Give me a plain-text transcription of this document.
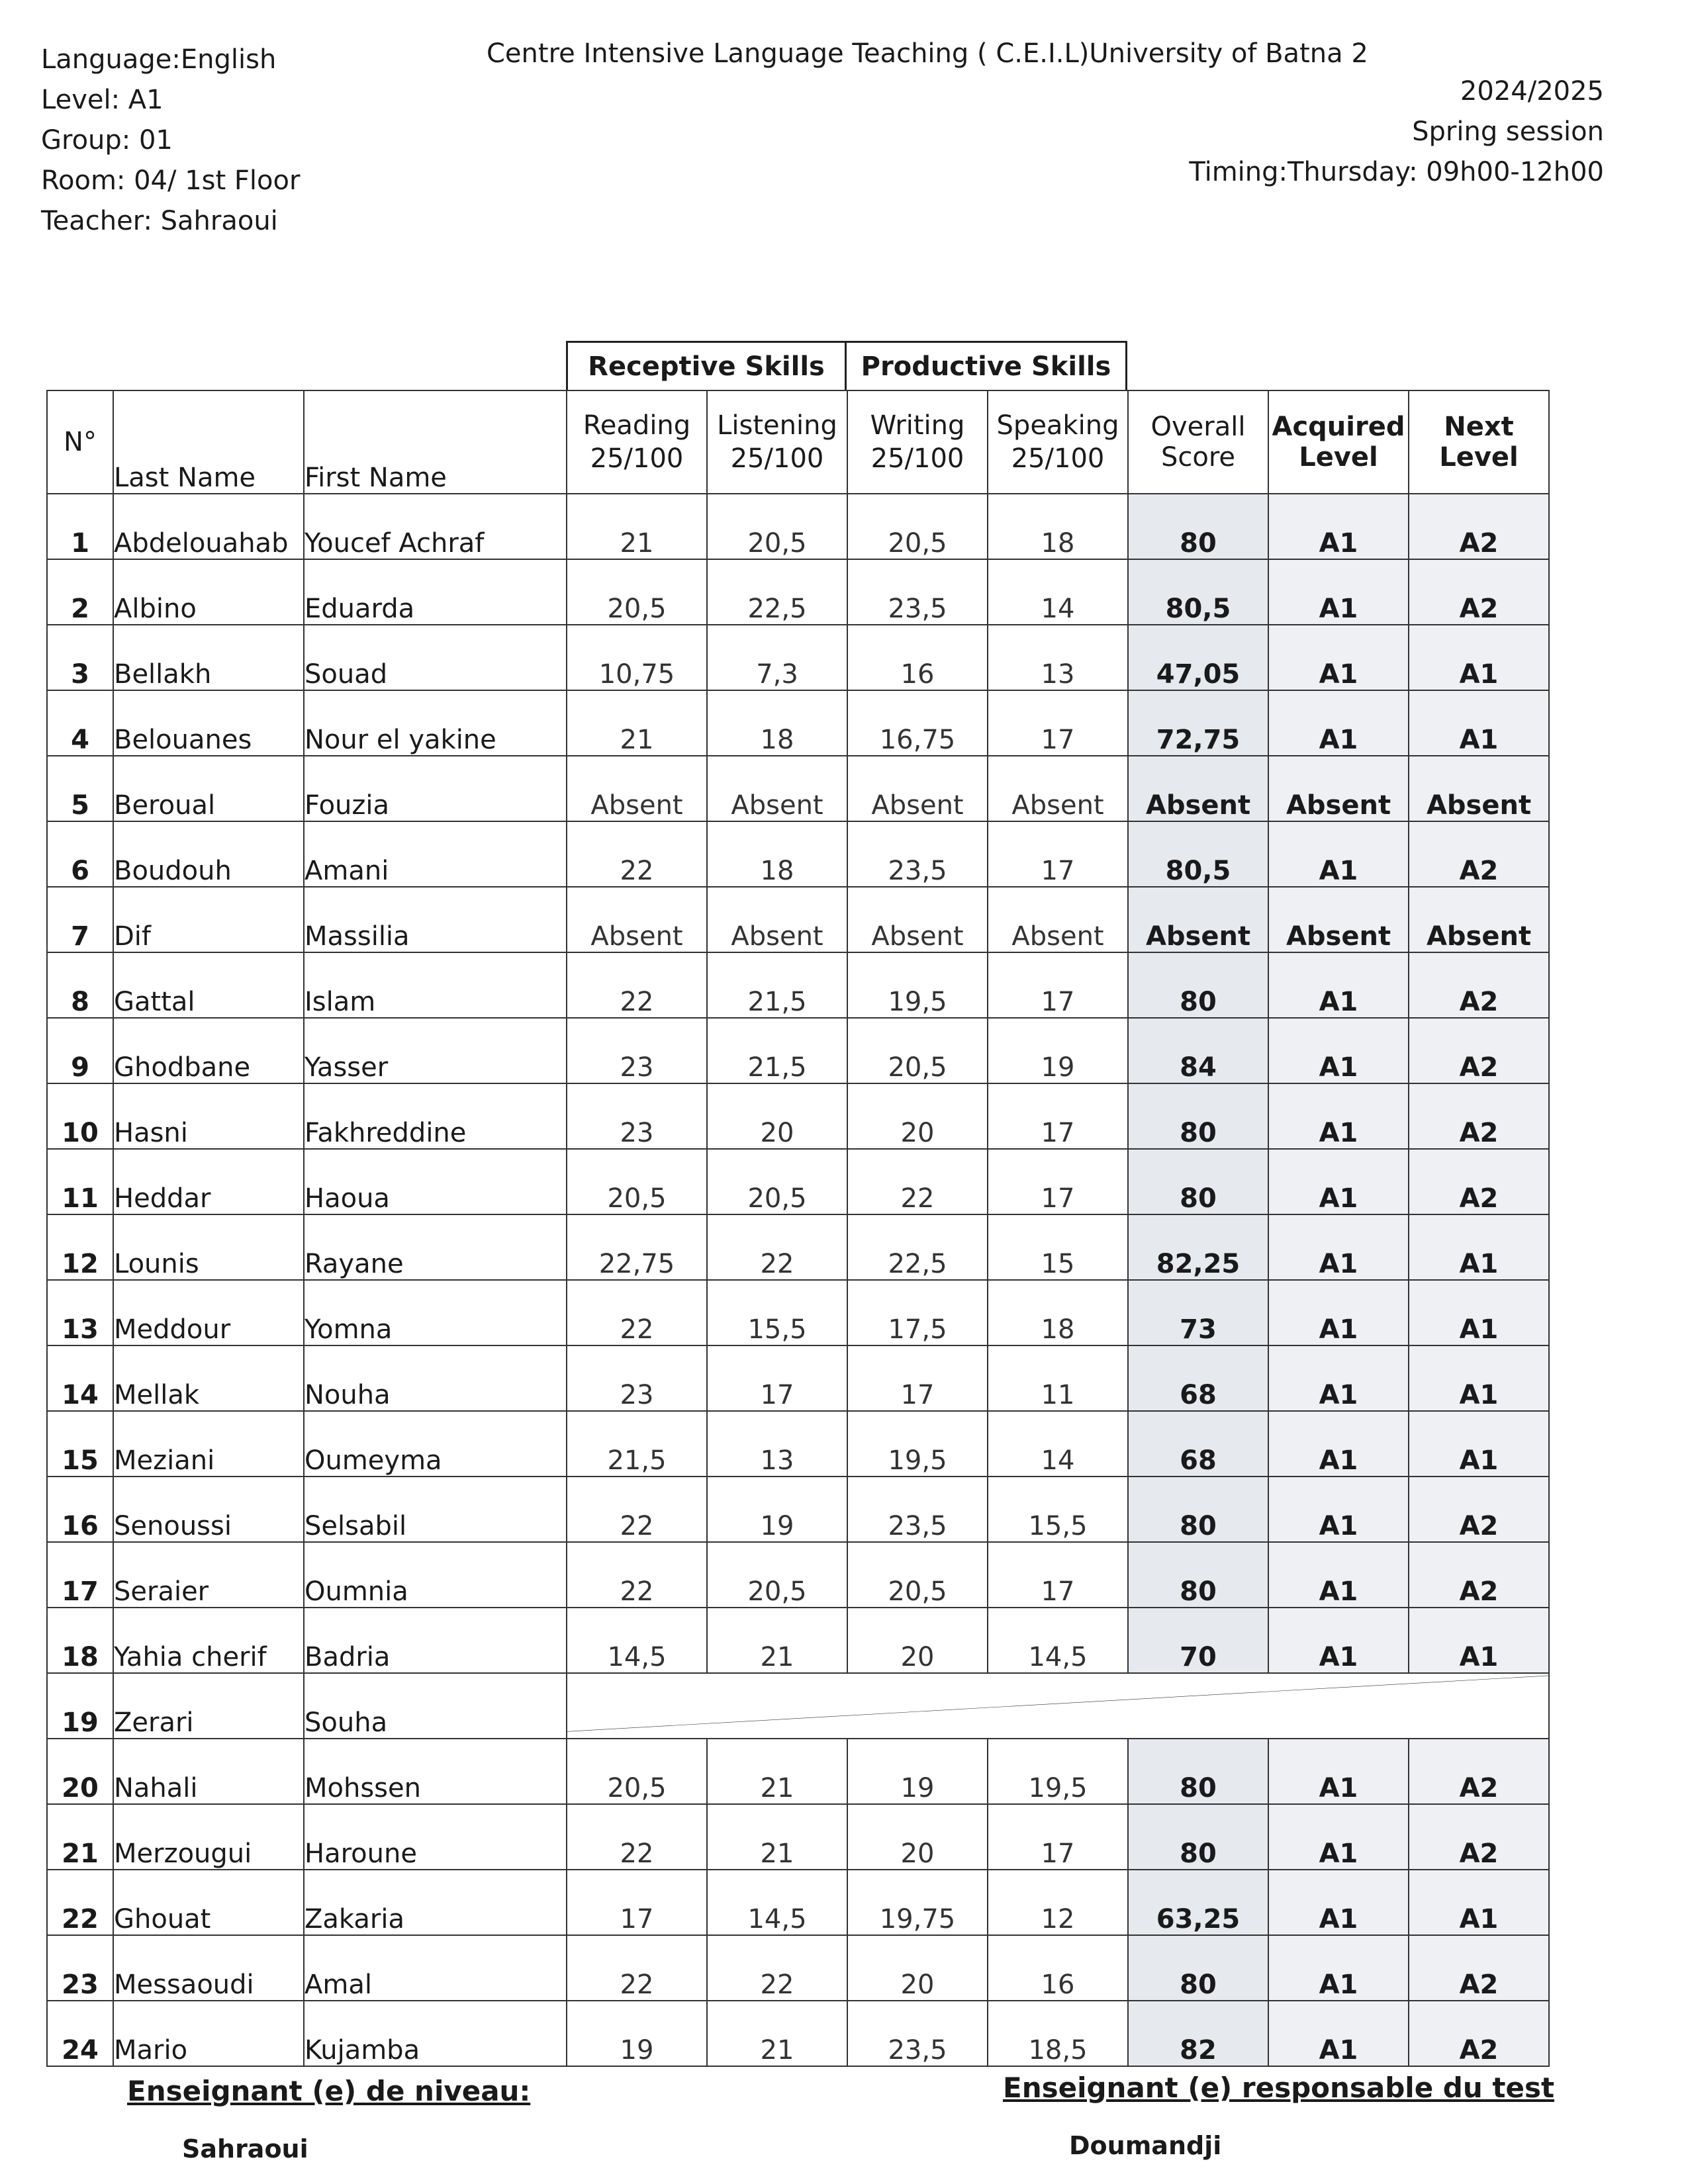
Language:English
Level: A1
Group: 01
Room: 04/ 1st Floor
Teacher: Sahraoui
Centre Intensive Language Teaching ( C.E.I.L)University of Batna 2
2024/2025
Spring session
Timing:Thursday: 09h00-12h00
Receptive Skills	Productive Skills
N°	Last Name	First Name	Reading
25/100	Listening
25/100	Writing
25/100	Speaking
25/100	Overall Score	Acquired
Level	Next Level
1	Abdelouahab	Youcef Achraf	21	20,5	20,5	18	80	A1	A2
2	Albino	Eduarda	20,5	22,5	23,5	14	80,5	A1	A2
3	Bellakh	Souad	10,75	7,3	16	13	47,05	A1	A1
4	Belouanes	Nour el yakine	21	18	16,75	17	72,75	A1	A1
5	Beroual	Fouzia	Absent	Absent	Absent	Absent	Absent	Absent	Absent
6	Boudouh	Amani	22	18	23,5	17	80,5	A1	A2
7	Dif	Massilia	Absent	Absent	Absent	Absent	Absent	Absent	Absent
8	Gattal	Islam	22	21,5	19,5	17	80	A1	A2
9	Ghodbane	Yasser	23	21,5	20,5	19	84	A1	A2
10	Hasni	Fakhreddine	23	20	20	17	80	A1	A2
11	Heddar	Haoua	20,5	20,5	22	17	80	A1	A2
12	Lounis	Rayane	22,75	22	22,5	15	82,25	A1	A1
13	Meddour	Yomna	22	15,5	17,5	18	73	A1	A1
14	Mellak	Nouha	23	17	17	11	68	A1	A1
15	Meziani	Oumeyma	21,5	13	19,5	14	68	A1	A1
16	Senoussi	Selsabil	22	19	23,5	15,5	80	A1	A2
17	Seraier	Oumnia	22	20,5	20,5	17	80	A1	A2
18	Yahia cherif	Badria	14,5	21	20	14,5	70	A1	A1
19	Zerari	Souha	

20	Nahali	Mohssen	20,5	21	19	19,5	80	A1	A2
21	Merzougui	Haroune	22	21	20	17	80	A1	A2
22	Ghouat	Zakaria	17	14,5	19,75	12	63,25	A1	A1
23	Messaoudi	Amal	22	22	20	16	80	A1	A2
24	Mario	Kujamba	19	21	23,5	18,5	82	A1	A2
Enseignant (e) de niveau:
Sahraoui
Enseignant (e) responsable du test
Doumandji
